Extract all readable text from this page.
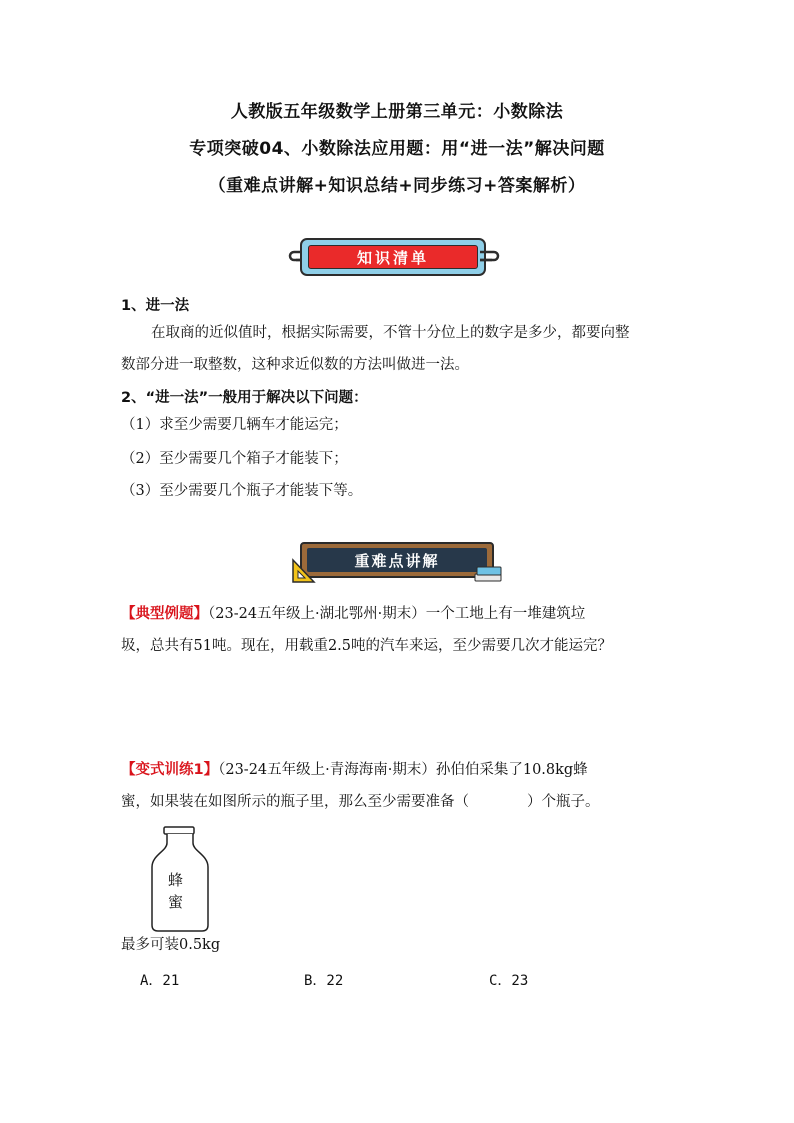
人教版五年级数学上册第三单元：小数除法
专项突破04、小数除法应用题：用“进一法”解决问题
（重难点讲解+知识总结+同步练习+答案解析）
知识清单
1、进一法
在取商的近似值时，根据实际需要，不管十分位上的数字是多少，都要向整
数部分进一取整数，这种求近似数的方法叫做进一法。
2、“进一法”一般用于解决以下问题：
（1）求至少需要几辆车才能运完；
（2）至少需要几个箱子才能装下；
（3）至少需要几个瓶子才能装下等。
重难点讲解
【典型例题】（23-24五年级上·湖北鄂州·期末）一个工地上有一堆建筑垃
圾，总共有51吨。现在，用载重2.5吨的汽车来运，至少需要几次才能运完？
【变式训练1】（23-24五年级上·青海海南·期末）孙伯伯采集了10.8kg蜂
蜜，如果装在如图所示的瓶子里，那么至少需要准备（　　　　）个瓶子。
蜂
蜜
最多可装0.5kg
A．21	B．22	C．23
